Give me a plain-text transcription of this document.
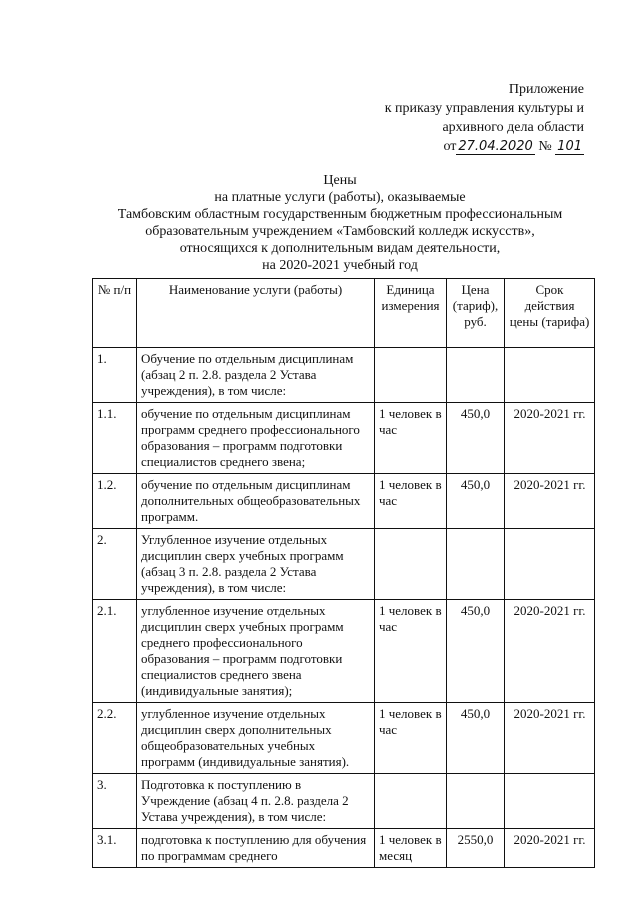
Приложение
к приказу управления культуры и
архивного дела области
от 27.04.2020 № 101
Цены
на платные услуги (работы), оказываемые
Тамбовским областным государственным бюджетным профессиональным
образовательным учреждением «Тамбовский колледж искусств»,
относящихся к дополнительным видам деятельности,
на 2020-2021 учебный год
№ п/п	Наименование услуги (работы)	Единица измерения	Цена (тариф), руб.	Срок действия цены (тарифа)
1.	Обучение по отдельным дисциплинам (абзац 2 п. 2.8. раздела 2 Устава учреждения), в том числе:			
1.1.	обучение по отдельным дисциплинам программ среднего профессионального образования – программ подготовки специалистов среднего звена;	1 человек в час	450,0	2020-2021 гг.
1.2.	обучение по отдельным дисциплинам дополнительных общеобразовательных программ.	1 человек в час	450,0	2020-2021 гг.
2.	Углубленное изучение отдельных дисциплин сверх учебных программ (абзац 3 п. 2.8. раздела 2 Устава учреждения), в том числе:			
2.1.	углубленное изучение отдельных дисциплин сверх учебных программ среднего профессионального образования – программ подготовки специалистов среднего звена (индивидуальные занятия);	1 человек в час	450,0	2020-2021 гг.
2.2.	углубленное изучение отдельных дисциплин сверх дополнительных общеобразовательных учебных программ (индивидуальные занятия).	1 человек в час	450,0	2020-2021 гг.
3.	Подготовка к поступлению в Учреждение (абзац 4 п. 2.8. раздела 2 Устава учреждения), в том числе:			
3.1.	подготовка к поступлению для обучения по программам среднего	1 человек в месяц	2550,0	2020-2021 гг.
